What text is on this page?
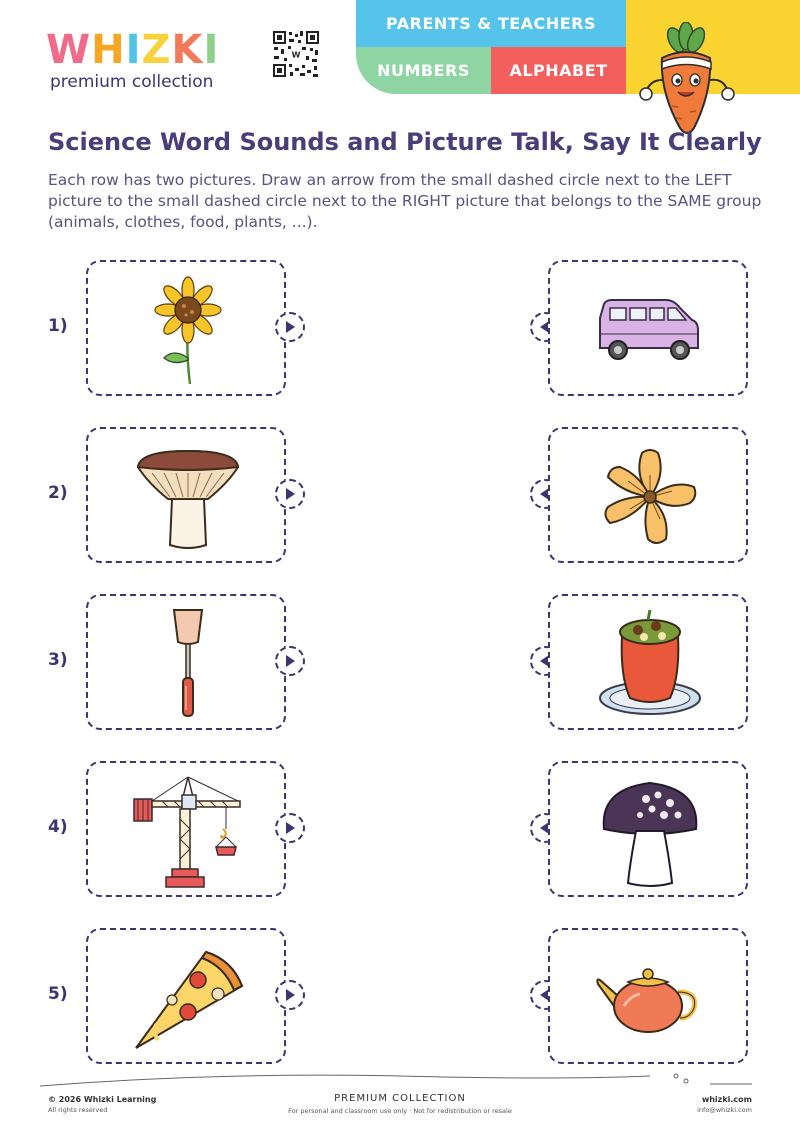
WHIZKI
premium collection
W
PARENTS & TEACHERS
NUMBERS	ALPHABET
Science Word Sounds and Picture Talk, Say It Clearly
Each row has two pictures. Draw an arrow from the small dashed circle next to the LEFT picture to the small dashed circle next to the RIGHT picture that belongs to the SAME group (animals, clothes, food, plants, ...).
1)
2)
3)
4)
5)
© 2026 Whizki Learning
All rights reserved
PREMIUM COLLECTION
For personal and classroom use only · Not for redistribution or resale
whizki.com
info@whizki.com
